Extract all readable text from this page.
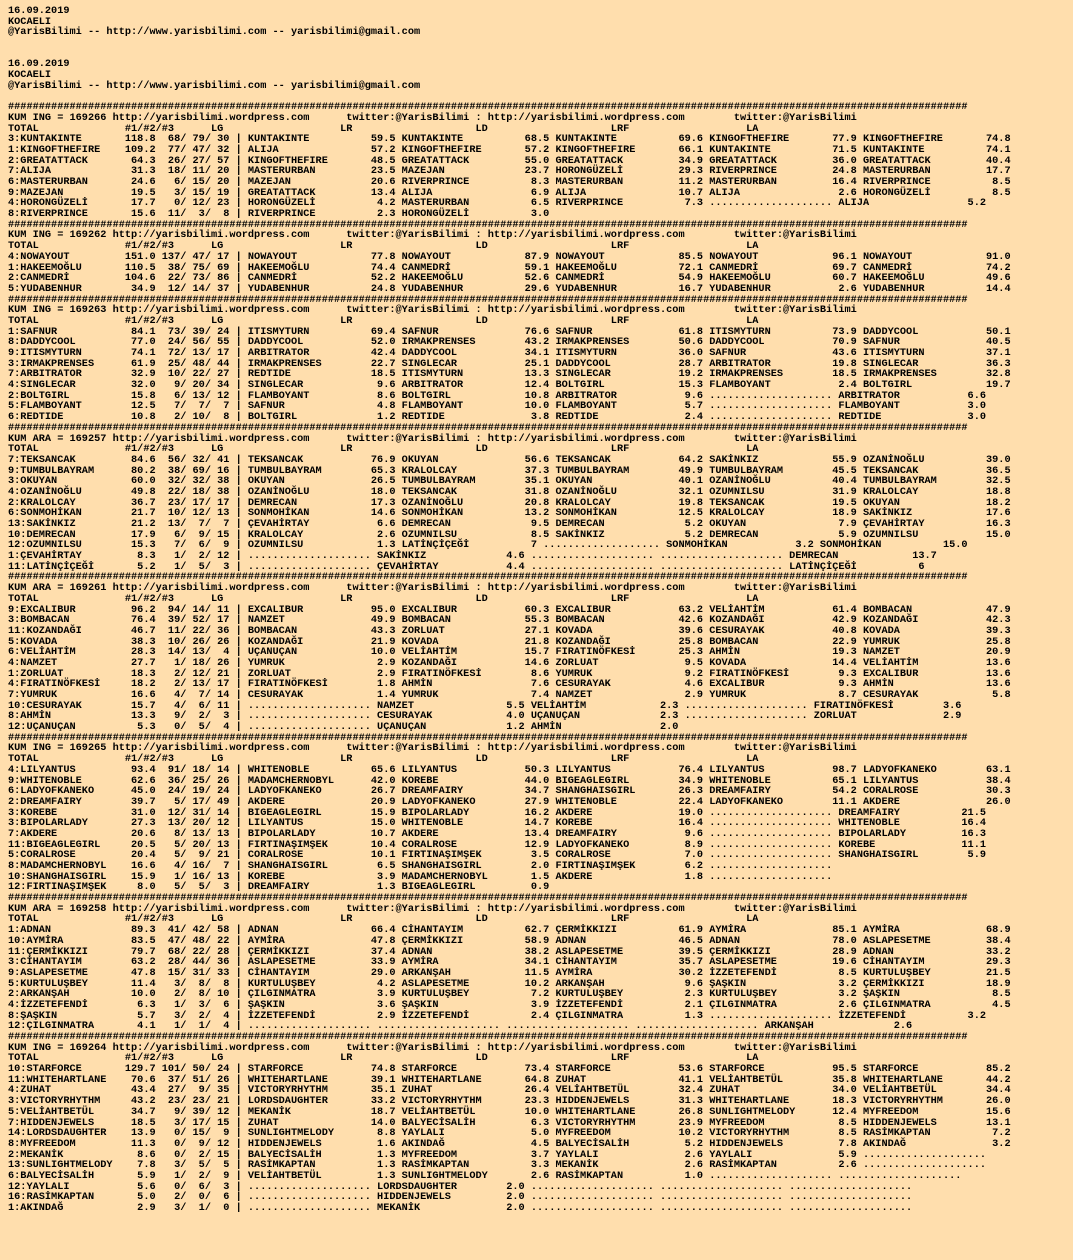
16.09.2019
KOCAELI
@YarisBilimi -- http://www.yarisbilimi.com -- yarisbilimi@gmail.com

16.09.2019
KOCAELI
@YarisBilimi -- http://www.yarisbilimi.com -- yarisbilimi@gmail.com

############################################################################################################################################################
KUM ING = 169266 http://yarisbilimi.wordpress.com      twitter:@YarisBilimi : http://yarisbilimi.wordpress.com        twitter:@YarisBilimi
TOTAL              #1/#2/#3      LG                   LR                    LD                    LRF                   LA
3:KUNTAKINTE       118.8  68/ 79/ 30 | KUNTAKINTE          59.5 KUNTAKINTE          68.5 KUNTAKINTE          69.6 KINGOFTHEFIRE       77.9 KINGOFTHEFIRE       74.8
1:KINGOFTHEFIRE    109.2  77/ 47/ 32 | ALIJA               57.2 KINGOFTHEFIRE       57.2 KINGOFTHEFIRE       66.1 KUNTAKINTE          71.5 KUNTAKINTE          74.1
2:GREATATTACK       64.3  26/ 27/ 57 | KINGOFTHEFIRE       48.5 GREATATTACK         55.0 GREATATTACK         34.9 GREATATTACK         36.0 GREATATTACK         40.4
7:ALIJA             31.3  18/ 11/ 20 | MASTERURBAN         23.5 MAZEJAN             23.7 HORONGÜZELİ         29.3 RIVERPRINCE         24.8 MASTERURBAN         17.7
6:MASTERURBAN       24.6   6/ 15/ 20 | MAZEJAN             20.6 RIVERPRINCE          8.3 MASTERURBAN         11.2 MASTERURBAN         16.4 RIVERPRINCE          8.5
9:MAZEJAN           19.5   3/ 15/ 19 | GREATATTACK         13.4 ALIJA                6.9 ALIJA               10.7 ALIJA                2.6 HORONGÜZELİ          8.5
4:HORONGÜZELİ       17.7   0/ 12/ 23 | HORONGÜZELİ          4.2 MASTERURBAN          6.5 RIVERPRINCE          7.3 .................... ALIJA                5.2
8:RIVERPRINCE       15.6  11/  3/  8 | RIVERPRINCE          2.3 HORONGÜZELİ          3.0
############################################################################################################################################################
KUM ING = 169262 http://yarisbilimi.wordpress.com      twitter:@YarisBilimi : http://yarisbilimi.wordpress.com        twitter:@YarisBilimi
TOTAL              #1/#2/#3      LG                   LR                    LD                    LRF                   LA
4:NOWAYOUT         151.0 137/ 47/ 17 | NOWAYOUT            77.8 NOWAYOUT            87.9 NOWAYOUT            85.5 NOWAYOUT            96.1 NOWAYOUT            91.0
1:HAKEEMOĞLU       110.5  38/ 75/ 69 | HAKEEMOĞLU          74.4 CANMEDRİ            59.1 HAKEEMOĞLU          72.1 CANMEDRİ            69.7 CANMEDRİ            74.2
2:CANMEDRİ         104.6  22/ 73/ 86 | CANMEDRİ            52.2 HAKEEMOĞLU          52.6 CANMEDRİ            54.9 HAKEEMOĞLU          60.7 HAKEEMOĞLU          49.6
5:YUDABENHUR        34.9  12/ 14/ 37 | YUDABENHUR          24.8 YUDABENHUR          29.6 YUDABENHUR          16.7 YUDABENHUR           2.6 YUDABENHUR          14.4
############################################################################################################################################################
KUM ING = 169263 http://yarisbilimi.wordpress.com      twitter:@YarisBilimi : http://yarisbilimi.wordpress.com        twitter:@YarisBilimi
TOTAL              #1/#2/#3      LG                   LR                    LD                    LRF                   LA
1:SAFNUR            84.1  73/ 39/ 24 | ITISMYTURN          69.4 SAFNUR              76.6 SAFNUR              61.8 ITISMYTURN          73.9 DADDYCOOL           50.1
8:DADDYCOOL         77.0  24/ 56/ 55 | DADDYCOOL           52.0 IRMAKPRENSES        43.2 IRMAKPRENSES        50.6 DADDYCOOL           70.9 SAFNUR              40.5
9:ITISMYTURN        74.1  72/ 13/ 17 | ARBITRATOR          42.4 DADDYCOOL           34.1 ITISMYTURN          36.0 SAFNUR              43.6 ITISMYTURN          37.1
3:IRMAKPRENSES      61.9  25/ 48/ 44 | IRMAKPRENSES        22.7 SINGLECAR           25.1 DADDYCOOL           28.7 ARBITRATOR          19.8 SINGLECAR           36.3
7:ARBITRATOR        32.9  10/ 22/ 27 | REDTIDE             18.5 ITISMYTURN          13.3 SINGLECAR           19.2 IRMAKPRENSES        18.5 IRMAKPRENSES        32.8
4:SINGLECAR         32.0   9/ 20/ 34 | SINGLECAR            9.6 ARBITRATOR          12.4 BOLTGIRL            15.3 FLAMBOYANT           2.4 BOLTGIRL            19.7
2:BOLTGIRL          15.8   6/ 13/ 12 | FLAMBOYANT           8.6 BOLTGIRL            10.8 ARBITRATOR           9.6 .................... ARBITRATOR           6.6
5:FLAMBOYANT        12.5   7/  7/  7 | SAFNUR               4.8 FLAMBOYANT          10.0 FLAMBOYANT           5.7 .................... FLAMBOYANT           3.0
6:REDTIDE           10.8   2/ 10/  8 | BOLTGIRL             1.2 REDTIDE              3.8 REDTIDE              2.4 .................... REDTIDE              3.0
############################################################################################################################################################
KUM ARA = 169257 http://yarisbilimi.wordpress.com      twitter:@YarisBilimi : http://yarisbilimi.wordpress.com        twitter:@YarisBilimi
TOTAL              #1/#2/#3      LG                   LR                    LD                    LRF                   LA
7:TEKSANCAK         84.6  56/ 32/ 41 | TEKSANCAK           76.9 OKUYAN              56.6 TEKSANCAK           64.2 SAKİNKIZ            55.9 OZANİNOĞLU          39.0
9:TUMBULBAYRAM      80.2  38/ 69/ 16 | TUMBULBAYRAM        65.3 KRALOLCAY           37.3 TUMBULBAYRAM        49.9 TUMBULBAYRAM        45.5 TEKSANCAK           36.5
3:OKUYAN            60.0  32/ 32/ 38 | OKUYAN              26.5 TUMBULBAYRAM        35.1 OKUYAN              40.1 OZANİNOĞLU          40.4 TUMBULBAYRAM        32.5
4:OZANİNOĞLU        49.8  22/ 18/ 38 | OZANİNOĞLU          18.0 TEKSANCAK           31.8 OZANİNOĞLU          32.1 OZUMNILSU           31.9 KRALOLCAY           18.8
2:KRALOLCAY         36.7  23/ 17/ 17 | DEMRECAN            17.3 OZANİNOĞLU          20.8 KRALOLCAY           19.8 TEKSANCAK           19.5 OKUYAN              18.2
6:SONMOHİKAN        21.7  10/ 12/ 13 | SONMOHİKAN          14.6 SONMOHİKAN          13.2 SONMOHİKAN          12.5 KRALOLCAY           18.9 SAKİNKIZ            17.6
13:SAKİNKIZ         21.2  13/  7/  7 | ÇEVAHİRTAY           6.6 DEMRECAN             9.5 DEMRECAN             5.2 OKUYAN               7.9 ÇEVAHİRTAY          16.3
10:DEMRECAN         17.9   6/  9/ 15 | KRALOLCAY            2.6 OZUMNILSU            8.5 SAKİNKIZ             5.2 DEMRECAN             5.9 OZUMNILSU           15.0
12:OZUMNILSU        15.3   7/  6/  9 | OZUMNILSU            1.3 LATİNÇİÇEĞİ          7 ................... SONMOHİKAN           3.2 SONMOHİKAN          15.0
1:ÇEVAHİRTAY         8.3   1/  2/ 12 | .................... SAKİNKIZ             4.6 .................... .................... DEMRECAN            13.7
11:LATİNÇİÇEĞİ       5.2   1/  5/  3 | .................... ÇEVAHİRTAY           4.4 .................... .................... LATİNÇİÇEĞİ          6
############################################################################################################################################################
KUM ARA = 169261 http://yarisbilimi.wordpress.com      twitter:@YarisBilimi : http://yarisbilimi.wordpress.com        twitter:@YarisBilimi
TOTAL              #1/#2/#3      LG                   LR                    LD                    LRF                   LA
9:EXCALIBUR         96.2  94/ 14/ 11 | EXCALIBUR           95.0 EXCALIBUR           60.3 EXCALIBUR           63.2 VELİAHTİM           61.4 BOMBACAN            47.9
3:BOMBACAN          76.4  39/ 52/ 17 | NAMZET              49.9 BOMBACAN            55.3 BOMBACAN            42.6 KOZANDAĞI           42.9 KOZANDAĞI           42.3
11:KOZANDAĞI        46.7  11/ 22/ 36 | BOMBACAN            43.3 ZORLUAT             27.1 KOVADA              39.6 CESURAYAK           40.8 KOVADA              39.3
5:KOVADA            38.3  10/ 26/ 26 | KOZANDAĞI           21.9 KOVADA              21.8 KOZANDAĞI           25.8 BOMBACAN            22.9 YUMRUK              25.8
6:VELİAHTİM         28.3  14/ 13/  4 | UÇANUÇAN            10.0 VELİAHTİM           15.7 FIRATINÖFKESİ       25.3 AHMİN               19.3 NAMZET              20.9
4:NAMZET            27.7   1/ 18/ 26 | YUMRUK               2.9 KOZANDAĞI           14.6 ZORLUAT              9.5 KOVADA              14.4 VELİAHTİM           13.6
1:ZORLUAT           18.3   2/ 12/ 21 | ZORLUAT              2.9 FIRATINÖFKESİ        8.6 YUMRUK               9.2 FIRATINÖFKESİ        9.3 EXCALIBUR           13.6
4:FIRATINÖFKESİ     18.2   2/ 13/ 17 | FIRATINÖFKESİ        1.8 AHMİN                7.6 CESURAYAK            4.6 EXCALIBUR            9.3 AHMİN               13.6
7:YUMRUK            16.6   4/  7/ 14 | CESURAYAK            1.4 YUMRUK               7.4 NAMZET               2.9 YUMRUK               8.7 CESURAYAK            5.8
10:CESURAYAK        15.7   4/  6/ 11 | .................... NAMZET               5.5 VELİAHTİM            2.3 .................... FIRATINÖFKESİ        3.6
8:AHMİN             13.3   9/  2/  3 | .................... CESURAYAK            4.0 UÇANUÇAN             2.3 .................... ZORLUAT              2.9
12:UÇANUÇAN          5.3   0/  5/  4 | .................... UÇANUÇAN             1.2 AHMİN                2.0
############################################################################################################################################################
KUM ING = 169265 http://yarisbilimi.wordpress.com      twitter:@YarisBilimi : http://yarisbilimi.wordpress.com        twitter:@YarisBilimi
TOTAL              #1/#2/#3      LG                   LR                    LD                    LRF                   LA
4:LILYANTUS         93.4  91/ 18/ 14 | WHITENOBLE          65.6 LILYANTUS           50.3 LILYANTUS           76.4 LILYANTUS           98.7 LADYOFKANEKO        63.1
9:WHITENOBLE        62.6  36/ 25/ 26 | MADAMCHERNOBYL      42.0 KOREBE              44.0 BIGEAGLEGIRL        34.9 WHITENOBLE          65.1 LILYANTUS           38.4
6:LADYOFKANEKO      45.0  24/ 19/ 24 | LADYOFKANEKO        26.7 DREAMFAIRY          34.7 SHANGHAISGIRL       26.3 DREAMFAIRY          54.2 CORALROSE           30.3
2:DREAMFAIRY        39.7   5/ 17/ 49 | AKDERE              20.9 LADYOFKANEKO        27.9 WHITENOBLE          22.4 LADYOFKANEKO        11.1 AKDERE              26.0
3:KOREBE            31.0  12/ 31/ 14 | BIGEAGLEGIRL        15.9 BIPOLARLADY         16.2 AKDERE              19.0 .................... DREAMFAIRY          21.5
3:BIPOLARLADY       27.3  13/ 20/ 12 | LILYANTUS           15.0 WHITENOBLE          14.7 KOREBE              16.4 .................... WHITENOBLE          16.4
7:AKDERE            20.6   8/ 13/ 13 | BIPOLARLADY         10.7 AKDERE              13.4 DREAMFAIRY           9.6 .................... BIPOLARLADY         16.3
11:BIGEAGLEGIRL     20.5   5/ 20/ 13 | FIRTINAŞIMŞEK       10.4 CORALROSE           12.9 LADYOFKANEKO         8.9 .................... KOREBE              11.1
5:CORALROSE         20.4   5/  9/ 21 | CORALROSE           10.1 FIRTINAŞIMŞEK        3.5 CORALROSE            7.0 .................... SHANGHAISGIRL        5.9
8:MADAMCHERNOBYL    16.6   4/ 16/  7 | SHANGHAISGIRL        6.5 SHANGHAISGIRL        2.0 FIRTINAŞIMŞEK        6.2 ....................
10:SHANGHAISGIRL    15.9   1/ 16/ 13 | KOREBE               3.9 MADAMCHERNOBYL       1.5 AKDERE               1.8 ....................
12:FIRTINAŞIMŞEK     8.0   5/  5/  3 | DREAMFAIRY           1.3 BIGEAGLEGIRL         0.9
############################################################################################################################################################
KUM ARA = 169258 http://yarisbilimi.wordpress.com      twitter:@YarisBilimi : http://yarisbilimi.wordpress.com        twitter:@YarisBilimi
TOTAL              #1/#2/#3      LG                   LR                    LD                    LRF                   LA
1:ADNAN             89.3  41/ 42/ 58 | ADNAN               66.4 CİHANTAYIM          62.7 ÇERMİKKIZI          61.9 AYMİRA              85.1 AYMİRA              68.9
10:AYMİRA           83.5  47/ 48/ 22 | AYMİRA              47.8 ÇERMİKKIZI          58.9 ADNAN               46.5 ADNAN               78.0 ASLAPESETME         38.4
11:ÇERMİKKIZI       79.7  68/ 22/ 28 | ÇERMİKKIZI          37.4 ADNAN               38.2 ASLAPESETME         39.5 ÇERMİKKIZI          28.9 ADNAN               33.2
3:CİHANTAYIM        63.2  28/ 44/ 36 | ASLAPESETME         33.9 AYMİRA              34.1 CİHANTAYIM          35.7 ASLAPESETME         19.6 CİHANTAYIM          29.3
9:ASLAPESETME       47.8  15/ 31/ 33 | CİHANTAYIM          29.0 ARKANŞAH            11.5 AYMİRA              30.2 İZZETEFENDİ          8.5 KURTULUŞBEY         21.5
5:KURTULUŞBEY       11.4   3/  8/  8 | KURTULUŞBEY          4.2 ASLAPESETME         10.2 ARKANŞAH             9.6 ŞAŞKIN               3.2 ÇERMİKKIZI          18.9
2:ARKANŞAH          10.0   2/  8/ 10 | ÇILGINMATRA          3.9 KURTULUŞBEY          7.2 KURTULUŞBEY          2.3 KURTULUŞBEY          3.2 ŞAŞKIN               8.5
4:İZZETEFENDİ        6.3   1/  3/  6 | ŞAŞKIN               3.6 ŞAŞKIN               3.9 İZZETEFENDİ          2.1 ÇILGINMATRA          2.6 ÇILGINMATRA          4.5
8:ŞAŞKIN             5.7   3/  2/  4 | İZZETEFENDİ          2.9 İZZETEFENDİ          2.4 ÇILGINMATRA          1.3 .................... İZZETEFENDİ          3.2
12:ÇILGINMATRA       4.1   1/  1/  4 | .................... .................... .................... .................... ARKANŞAH             2.6
############################################################################################################################################################
KUM ING = 169264 http://yarisbilimi.wordpress.com      twitter:@YarisBilimi : http://yarisbilimi.wordpress.com        twitter:@YarisBilimi
TOTAL              #1/#2/#3      LG                   LR                    LD                    LRF                   LA
10:STARFORCE       129.7 101/ 50/ 24 | STARFORCE           74.8 STARFORCE           73.4 STARFORCE           53.6 STARFORCE           95.5 STARFORCE           85.2
11:WHITEHARTLANE    70.6  37/ 51/ 26 | WHITEHARTLANE       39.1 WHITEHARTLANE       64.8 ZUHAT               41.1 VELİAHTBETÜL        35.8 WHITEHARTLANE       44.2
4:ZUHAT             43.4  27/  9/ 35 | VICTORYRHYTHM       35.1 ZUHAT               26.4 VELİAHTBETÜL        32.4 ZUHAT               34.0 VELİAHTBETÜL        34.4
3:VICTORYRHYTHM     43.2  23/ 23/ 21 | LORDSDAUGHTER       33.2 VICTORYRHYTHM       23.3 HIDDENJEWELS        31.3 WHITEHARTLANE       18.3 VICTORYRHYTHM       26.0
5:VELİAHTBETÜL      34.7   9/ 39/ 12 | MEKANİK             18.7 VELİAHTBETÜL        10.0 WHITEHARTLANE       26.8 SUNLIGHTMELODY      12.4 MYFREEDOM           15.6
7:HIDDENJEWELS      18.5   3/ 17/ 15 | ZUHAT               14.0 BALYECİSALİH         6.3 VICTORYRHYTHM       23.9 MYFREEDOM            8.5 HIDDENJEWELS        13.1
14:LORDSDAUGHTER    13.9   0/ 15/  9 | SUNLIGHTMELODY       8.8 YAYLALI              5.0 MYFREEDOM           10.2 VICTORYRHYTHM        8.5 RASİMKAPTAN          7.2
8:MYFREEDOM         11.3   0/  9/ 12 | HIDDENJEWELS         1.6 AKINDAĞ              4.5 BALYECİSALİH         5.2 HIDDENJEWELS         7.8 AKINDAĞ              3.2
2:MEKANİK            8.6   0/  2/ 15 | BALYECİSALİH         1.3 MYFREEDOM            3.7 YAYLALI              2.6 YAYLALI              5.9 ....................
13:SUNLIGHTMELODY    7.8   3/  5/  5 | RASİMKAPTAN          1.3 RASİMKAPTAN          3.3 MEKANİK              2.6 RASİMKAPTAN          2.6 ....................
6:BALYECİSALİH       5.9   1/  2/  9 | VELİAHTBETÜL         1.3 SUNLIGHTMELODY       2.6 RASİMKAPTAN          1.0 .................... ....................
12:YAYLALI           5.6   0/  6/  3 | .................... LORDSDAUGHTER        2.0 .................... .................... ....................
16:RASİMKAPTAN       5.0   2/  0/  6 | .................... HIDDENJEWELS         2.0 .................... .................... ....................
1:AKINDAĞ            2.9   3/  1/  0 | .................... MEKANİK              2.0 .................... .................... ....................
